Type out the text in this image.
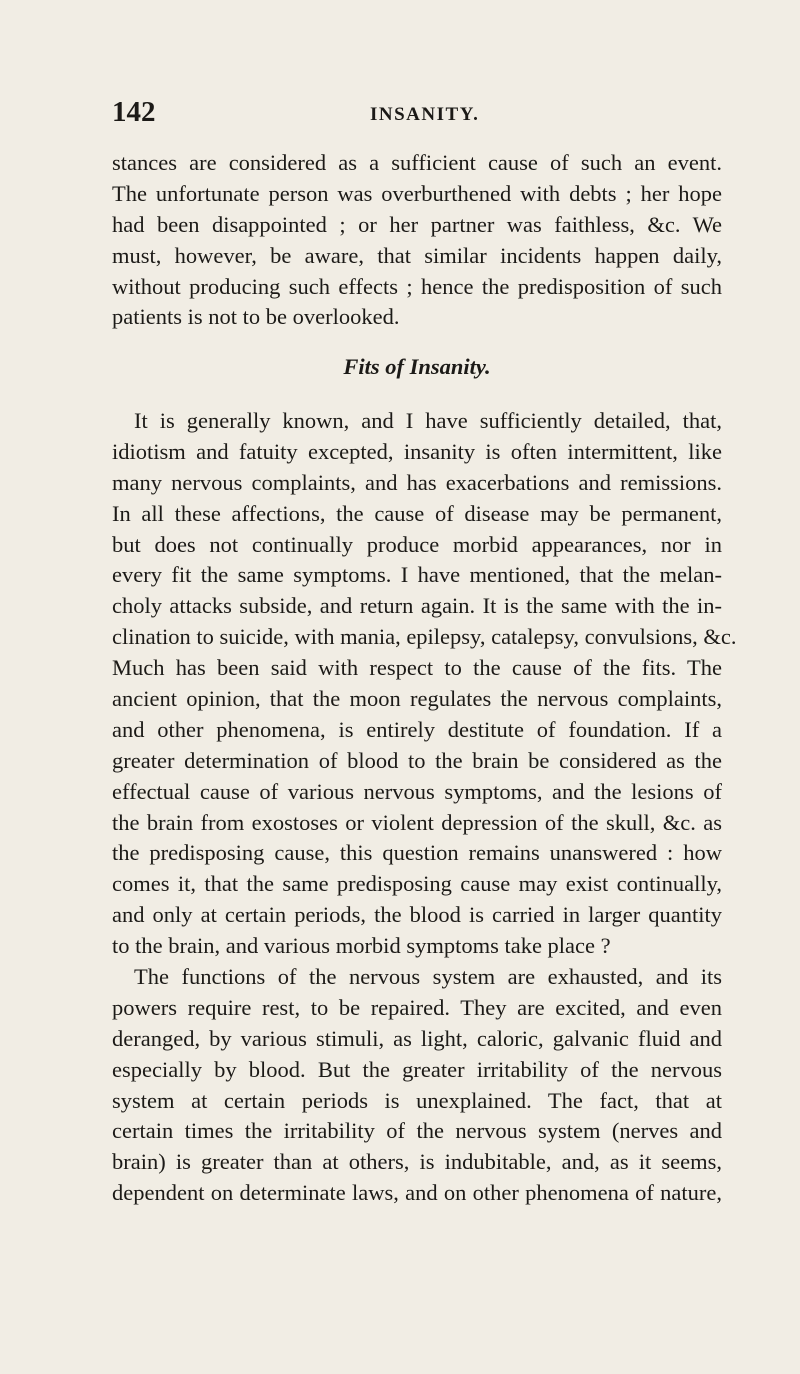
142	INSANITY.
stances are considered as a sufficient cause of such an event.
The unfortunate person was overburthened with debts ; her hope
had been disappointed ; or her partner was faithless, &c. We
must, however, be aware, that similar incidents happen daily,
without producing such effects ; hence the predisposition of such
patients is not to be overlooked.
Fits of Insanity.
It is generally known, and I have sufficiently detailed, that,
idiotism and fatuity excepted, insanity is often intermittent, like
many nervous complaints, and has exacerbations and remissions.
In all these affections, the cause of disease may be permanent,
but does not continually produce morbid appearances, nor in
every fit the same symptoms. I have mentioned, that the melan-
choly attacks subside, and return again. It is the same with the in-
clination to suicide, with mania, epilepsy, catalepsy, convulsions, &c.
Much has been said with respect to the cause of the fits. The
ancient opinion, that the moon regulates the nervous complaints,
and other phenomena, is entirely destitute of foundation. If a
greater determination of blood to the brain be considered as the
effectual cause of various nervous symptoms, and the lesions of
the brain from exostoses or violent depression of the skull, &c. as
the predisposing cause, this question remains unanswered : how
comes it, that the same predisposing cause may exist continually,
and only at certain periods, the blood is carried in larger quantity
to the brain, and various morbid symptoms take place ?
The functions of the nervous system are exhausted, and its
powers require rest, to be repaired. They are excited, and even
deranged, by various stimuli, as light, caloric, galvanic fluid and
especially by blood. But the greater irritability of the nervous
system at certain periods is unexplained. The fact, that at
certain times the irritability of the nervous system (nerves and
brain) is greater than at others, is indubitable, and, as it seems,
dependent on determinate laws, and on other phenomena of nature,
